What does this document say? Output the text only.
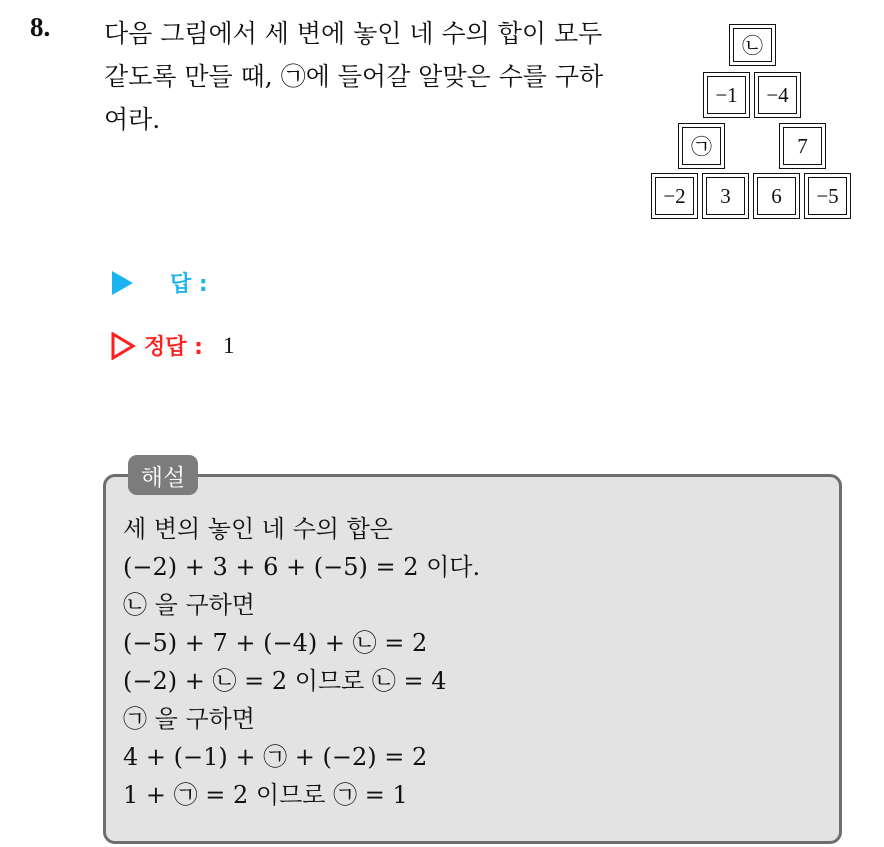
8. 다음 그림에서 세 변에 놓인 네 수의 합이 모두
같도록 만들 때, ㉠에 들어갈 알맞은 수를 구하
여라.

㉡
−1	−4
㉠	7
−2	3	6	−5
답 :
정답 : 1
해설

세 변의 놓인 네 수의 합은
(−2) + 3 + 6 + (−5) = 2 이다.
㉡ 을 구하면
(−5) + 7 + (−4) + ㉡ = 2
(−2) + ㉡ = 2 이므로 ㉡ = 4
㉠ 을 구하면
4 + (−1) + ㉠ + (−2) = 2
1 + ㉠ = 2 이므로 ㉠ = 1
